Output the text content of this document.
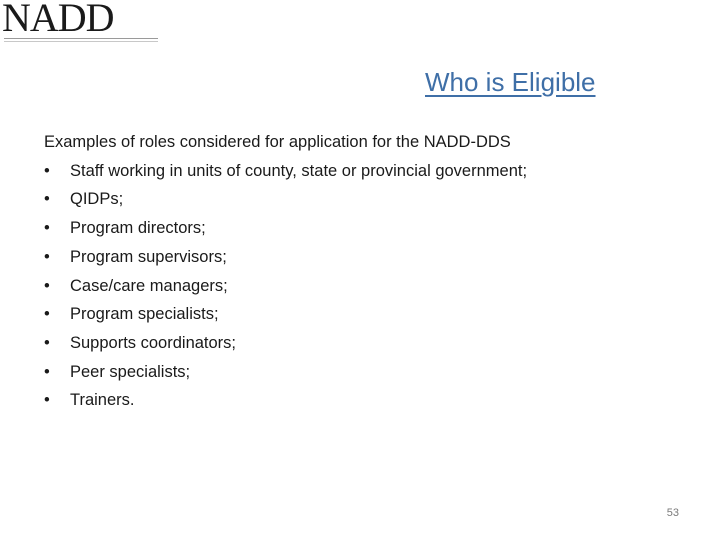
NADD
Who is Eligible
Examples of roles considered for application for the NADD-DDS
• Staff working in units of county, state or provincial government;
• QIDPs;
• Program directors;
• Program supervisors;
• Case/care managers;
• Program specialists;
• Supports coordinators;
• Peer specialists;
• Trainers.
53
